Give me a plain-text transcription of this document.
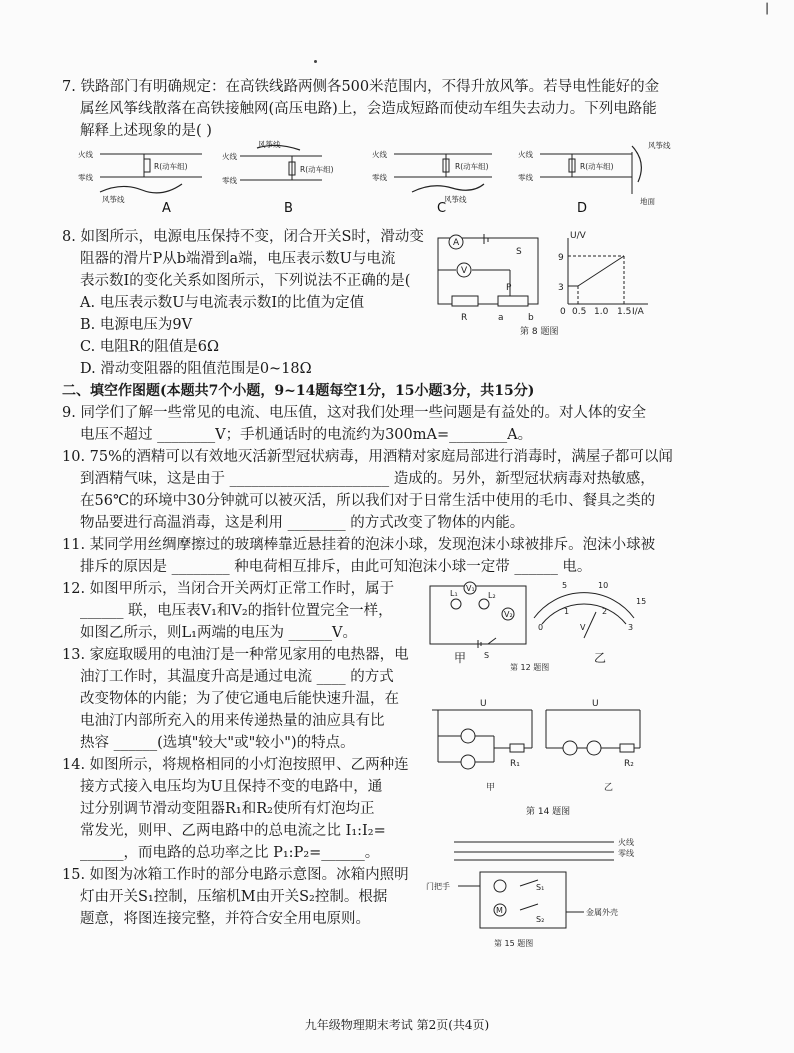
┃
7. 铁路部门有明确规定：在高铁线路两侧各500米范围内，不得升放风筝。若导电性能好的金
属丝风筝线散落在高铁接触网(高压电路)上，会造成短路而使动车组失去动力。下列电路能
解释上述现象的是( )
火线
零线
R(动车组)
风筝线
火线
零线
R(动车组)
风筝线
火线
零线
R(动车组)
风筝线
火线
零线
R(动车组)
风筝线
地面
A	B	C	D
8. 如图所示，电源电压保持不变，闭合开关S时，滑动变
阻器的滑片P从b端滑到a端，电压表示数U与电流
表示数I的变化关系如图所示，下列说法不正确的是(
A. 电压表示数U与电流表示数I的比值为定值
B. 电源电压为9V
C. 电阻R的阻值是6Ω
D. 滑动变阻器的阻值范围是0~18Ω
A
V
S
P
R	a	b
U/V
9
3
0 0.5 1.0 1.5 I/A
第 8 题图
二、填空作图题(本题共7个小题，9~14题每空1分，15小题3分，共15分)
9. 同学们了解一些常见的电流、电压值，这对我们处理一些问题是有益处的。对人体的安全
电压不超过 ________V；手机通话时的电流约为300mA=________A。
10. 75%的酒精可以有效地灭活新型冠状病毒，用酒精对家庭局部进行消毒时，满屋子都可以闻
到酒精气味，这是由于 ______________________ 造成的。另外，新型冠状病毒对热敏感，
在56℃的环境中30分钟就可以被灭活，所以我们对于日常生活中使用的毛巾、餐具之类的
物品要进行高温消毒，这是利用 ________ 的方式改变了物体的内能。
11. 某同学用丝绸摩擦过的玻璃棒靠近悬挂着的泡沫小球，发现泡沫小球被排斥。泡沫小球被
排斥的原因是 ________ 种电荷相互排斥，由此可知泡沫小球一定带 ______ 电。
12. 如图甲所示，当闭合开关两灯正常工作时，属于
______ 联，电压表V₁和V₂的指针位置完全一样，
如图乙所示，则L₁两端的电压为 ______V。
V₁
V₂
L₁	L₂
S
甲
5	10
15
0
1	2
3
V
乙
第 12 题图
13. 家庭取暖用的电油汀是一种常见家用的电热器，电
油汀工作时，其温度升高是通过电流 ____ 的方式
改变物体的内能；为了使它通电后能快速升温，在
电油汀内部所充入的用来传递热量的油应具有比
热容 ______(选填"较大"或"较小")的特点。
14. 如图所示，将规格相同的小灯泡按照甲、乙两种连
接方式接入电压均为U且保持不变的电路中，通
过分别调节滑动变阻器R₁和R₂使所有灯泡均正
常发光，则甲、乙两电路中的总电流之比 I₁:I₂=
______，而电路的总功率之比 P₁:P₂=______。
U	U
R₁	R₂
甲	乙
第 14 题图
15. 如图为冰箱工作时的部分电路示意图。冰箱内照明
灯由开关S₁控制，压缩机M由开关S₂控制。根据
题意，将图连接完整，并符合安全用电原则。
火线
零线
门把手
M
S₁
S₂
金属外壳
第 15 题图
九年级物理期末考试 第2页(共4页)
